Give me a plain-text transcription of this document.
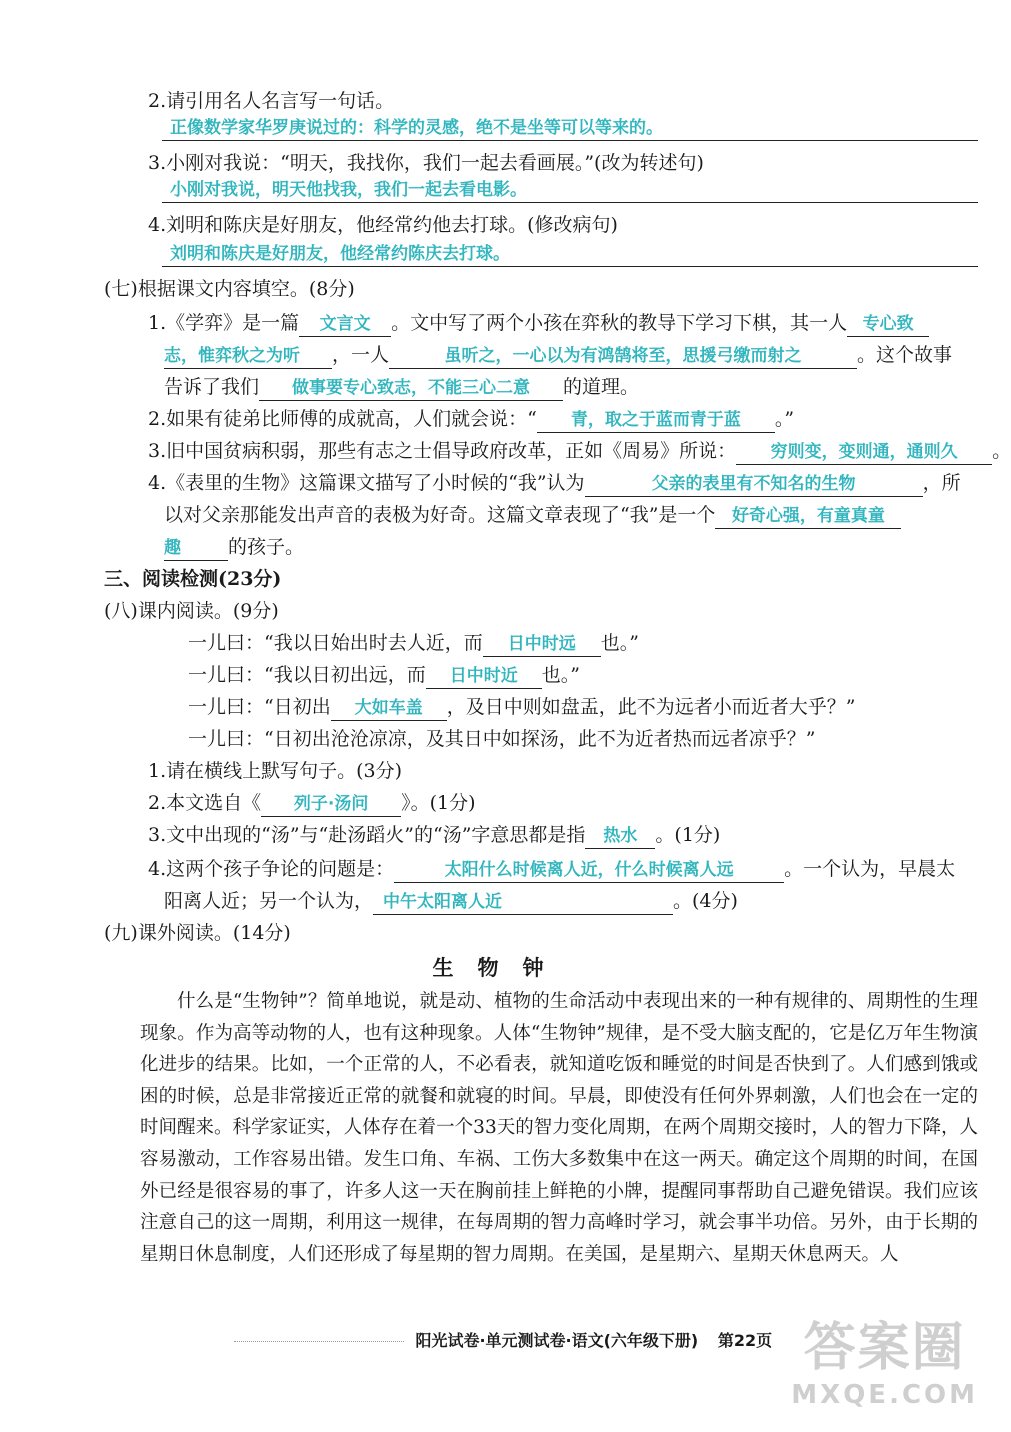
2.请引用名人名言写一句话。
正像数学家华罗庚说过的：科学的灵感，绝不是坐等可以等来的。
3.小刚对我说：“明天，我找你，我们一起去看画展。”(改为转述句)
小刚对我说，明天他找我，我们一起去看电影。
4.刘明和陈庆是好朋友，他经常约他去打球。(修改病句)
刘明和陈庆是好朋友，他经常约陈庆去打球。
(七)根据课文内容填空。(8分)
1.《学弈》是一篇 文言文 。文中写了两个小孩在弈秋的教导下学习下棋，其一人 专心致
志，惟弈秋之为听 ，一人	虽听之，一心以为有鸿鹄将至，思援弓缴而射之	。这个故事
告诉了我们 做事要专心致志，不能三心二意 的道理。
2.如果有徒弟比师傅的成就高，人们就会说：“ 青，取之于蓝而青于蓝 。”
3.旧中国贫病积弱，那些有志之士倡导政府改革，正如《周易》所说： 穷则变，变则通，通则久 。
4.《表里的生物》这篇课文描写了小时候的“我”认为	父亲的表里有不知名的生物	，所
以对父亲那能发出声音的表极为好奇。这篇文章表现了“我”是一个 好奇心强，有童真童
趣 的孩子。
三、阅读检测(23分)
(八)课内阅读。(9分)
一儿曰：“我以日始出时去人近，而 日中时远 也。”
一儿曰：“我以日初出远，而 日中时近 也。”
一儿曰：“日初出 大如车盖 ，及日中则如盘盂，此不为远者小而近者大乎？”
一儿曰：“日初出沧沧凉凉，及其日中如探汤，此不为近者热而远者凉乎？”
1.请在横线上默写句子。(3分)
2.本文选自《 列子·汤问 》。(1分)
3.文中出现的“汤”与“赴汤蹈火”的“汤”字意思都是指 热水 。(1分)
4.这两个孩子争论的问题是：	太阳什么时候离人近，什么时候离人远	。一个认为，早晨太
阳离人近；另一个认为， 中午太阳离人近	。(4分)
(九)课外阅读。(14分)
生物钟
什么是“生物钟”？简单地说，就是动、植物的生命活动中表现出来的一种有规律的、周期性的生理现象。作为高等动物的人，也有这种现象。人体“生物钟”规律，是不受大脑支配的，它是亿万年生物演化进步的结果。比如，一个正常的人，不必看表，就知道吃饭和睡觉的时间是否快到了。人们感到饿或困的时候，总是非常接近正常的就餐和就寝的时间。早晨，即使没有任何外界刺激，人们也会在一定的时间醒来。科学家证实，人体存在着一个33天的智力变化周期，在两个周期交接时，人的智力下降，人容易激动，工作容易出错。发生口角、车祸、工伤大多数集中在这一两天。确定这个周期的时间，在国外已经是很容易的事了，许多人这一天在胸前挂上鲜艳的小牌，提醒同事帮助自己避免错误。我们应该注意自己的这一周期，利用这一规律，在每周期的智力高峰时学习，就会事半功倍。另外，由于长期的星期日休息制度，人们还形成了每星期的智力周期。在美国，是星期六、星期天休息两天。人
阳光试卷·单元测试卷·语文(六年级下册) 第22页 答案圈
MXQE.COM
